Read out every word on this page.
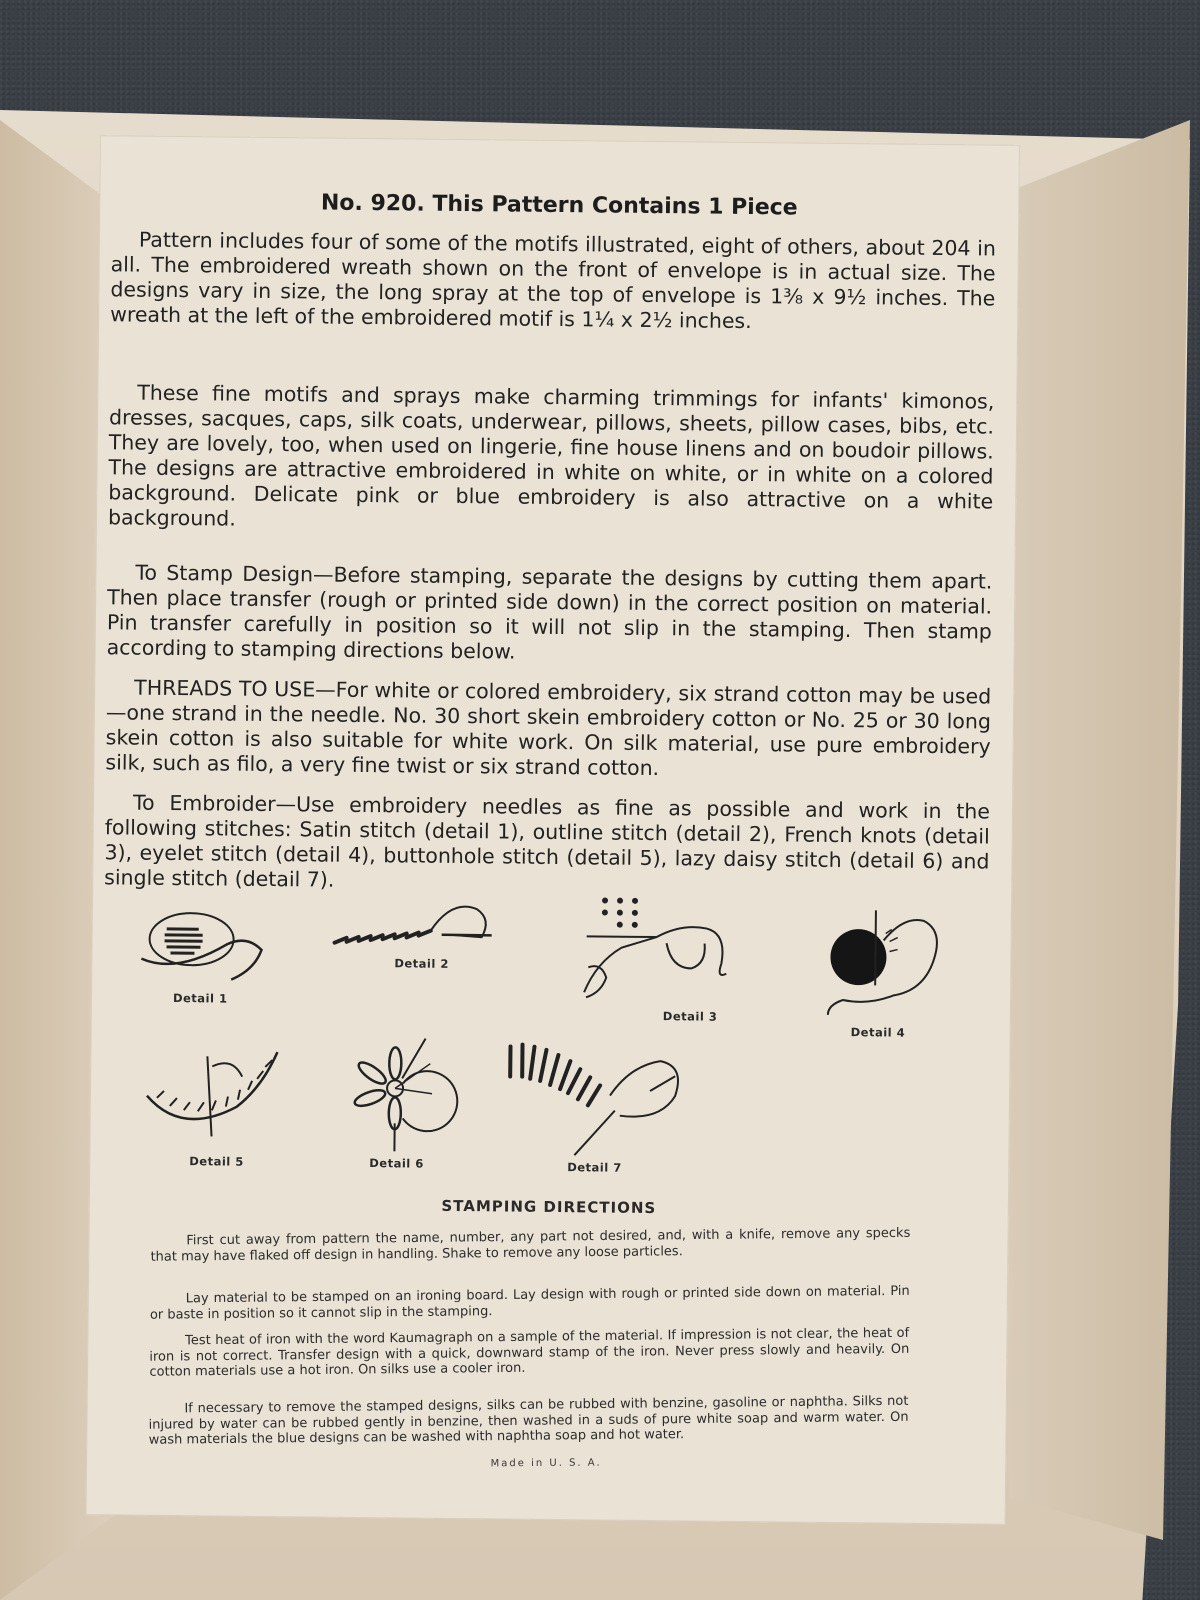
No. 920. This Pattern Contains 1 Piece

Pattern includes four of some of the motifs illustrated, eight of others, about 204 in all. The embroidered wreath shown on the front of envelope is in actual size. The designs vary in size, the long spray at the top of envelope is 1⅜ x 9½ inches. The wreath at the left of the embroidered motif is 1¼ x 2½ inches.

These fine motifs and sprays make charming trimmings for infants' kimonos, dresses, sacques, caps, silk coats, underwear, pillows, sheets, pillow cases, bibs, etc. They are lovely, too, when used on lingerie, fine house linens and on boudoir pillows. The designs are attractive embroidered in white on white, or in white on a colored background. Delicate pink or blue embroidery is also attractive on a white background.

To Stamp Design—Before stamping, separate the designs by cutting them apart. Then place transfer (rough or printed side down) in the correct position on material. Pin transfer carefully in position so it will not slip in the stamping. Then stamp according to stamping directions below.

THREADS TO USE—For white or colored embroidery, six strand cotton may be used—one strand in the needle. No. 30 short skein embroidery cotton or No. 25 or 30 long skein cotton is also suitable for white work. On silk material, use pure embroidery silk, such as filo, a very fine twist or six strand cotton.

To Embroider—Use embroidery needles as fine as possible and work in the following stitches: Satin stitch (detail 1), outline stitch (detail 2), French knots (detail 3), eyelet stitch (detail 4), buttonhole stitch (detail 5), lazy daisy stitch (detail 6) and single stitch (detail 7).

Detail 1
Detail 2
Detail 3
Detail 4
Detail 5	Detail 6	Detail 7
STAMPING DIRECTIONS

First cut away from pattern the name, number, any part not desired, and, with a knife, remove any specks that may have flaked off design in handling. Shake to remove any loose particles.

Lay material to be stamped on an ironing board. Lay design with rough or printed side down on material. Pin or baste in position so it cannot slip in the stamping.

Test heat of iron with the word Kaumagraph on a sample of the material. If impression is not clear, the heat of iron is not correct. Transfer design with a quick, downward stamp of the iron. Never press slowly and heavily. On cotton materials use a hot iron. On silks use a cooler iron.

If necessary to remove the stamped designs, silks can be rubbed with benzine, gasoline or naphtha. Silks not injured by water can be rubbed gently in benzine, then washed in a suds of pure white soap and warm water. On wash materials the blue designs can be washed with naphtha soap and hot water.

Made in U. S. A.
